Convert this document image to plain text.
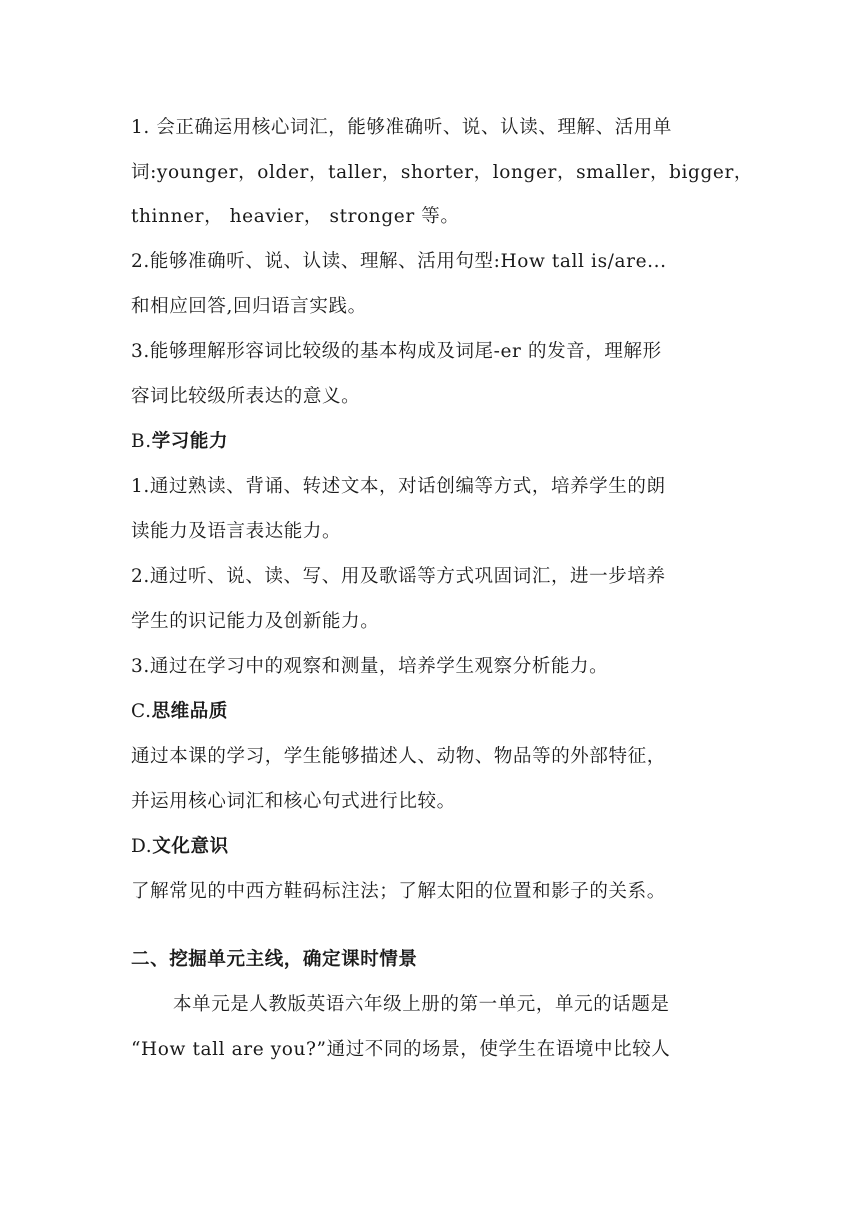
1. 会正确运用核心词汇，能够准确听、说、认读、理解、活用单
词:younger，older，taller，shorter，longer，smaller，bigger，
thinner， heavier， stronger 等。
2.能够准确听、说、认读、理解、活用句型:How tall is/are...
和相应回答,回归语言实践。
3.能够理解形容词比较级的基本构成及词尾-er 的发音，理解形
容词比较级所表达的意义。
B.学习能力
1.通过熟读、背诵、转述文本，对话创编等方式，培养学生的朗
读能力及语言表达能力。
2.通过听、说、读、写、用及歌谣等方式巩固词汇，进一步培养
学生的识记能力及创新能力。
3.通过在学习中的观察和测量，培养学生观察分析能力。
C.思维品质
通过本课的学习，学生能够描述人、动物、物品等的外部特征，
并运用核心词汇和核心句式进行比较。
D.文化意识
了解常见的中西方鞋码标注法；了解太阳的位置和影子的关系。
二、挖掘单元主线，确定课时情景
本单元是人教版英语六年级上册的第一单元，单元的话题是
“How tall are you?”通过不同的场景，使学生在语境中比较人
